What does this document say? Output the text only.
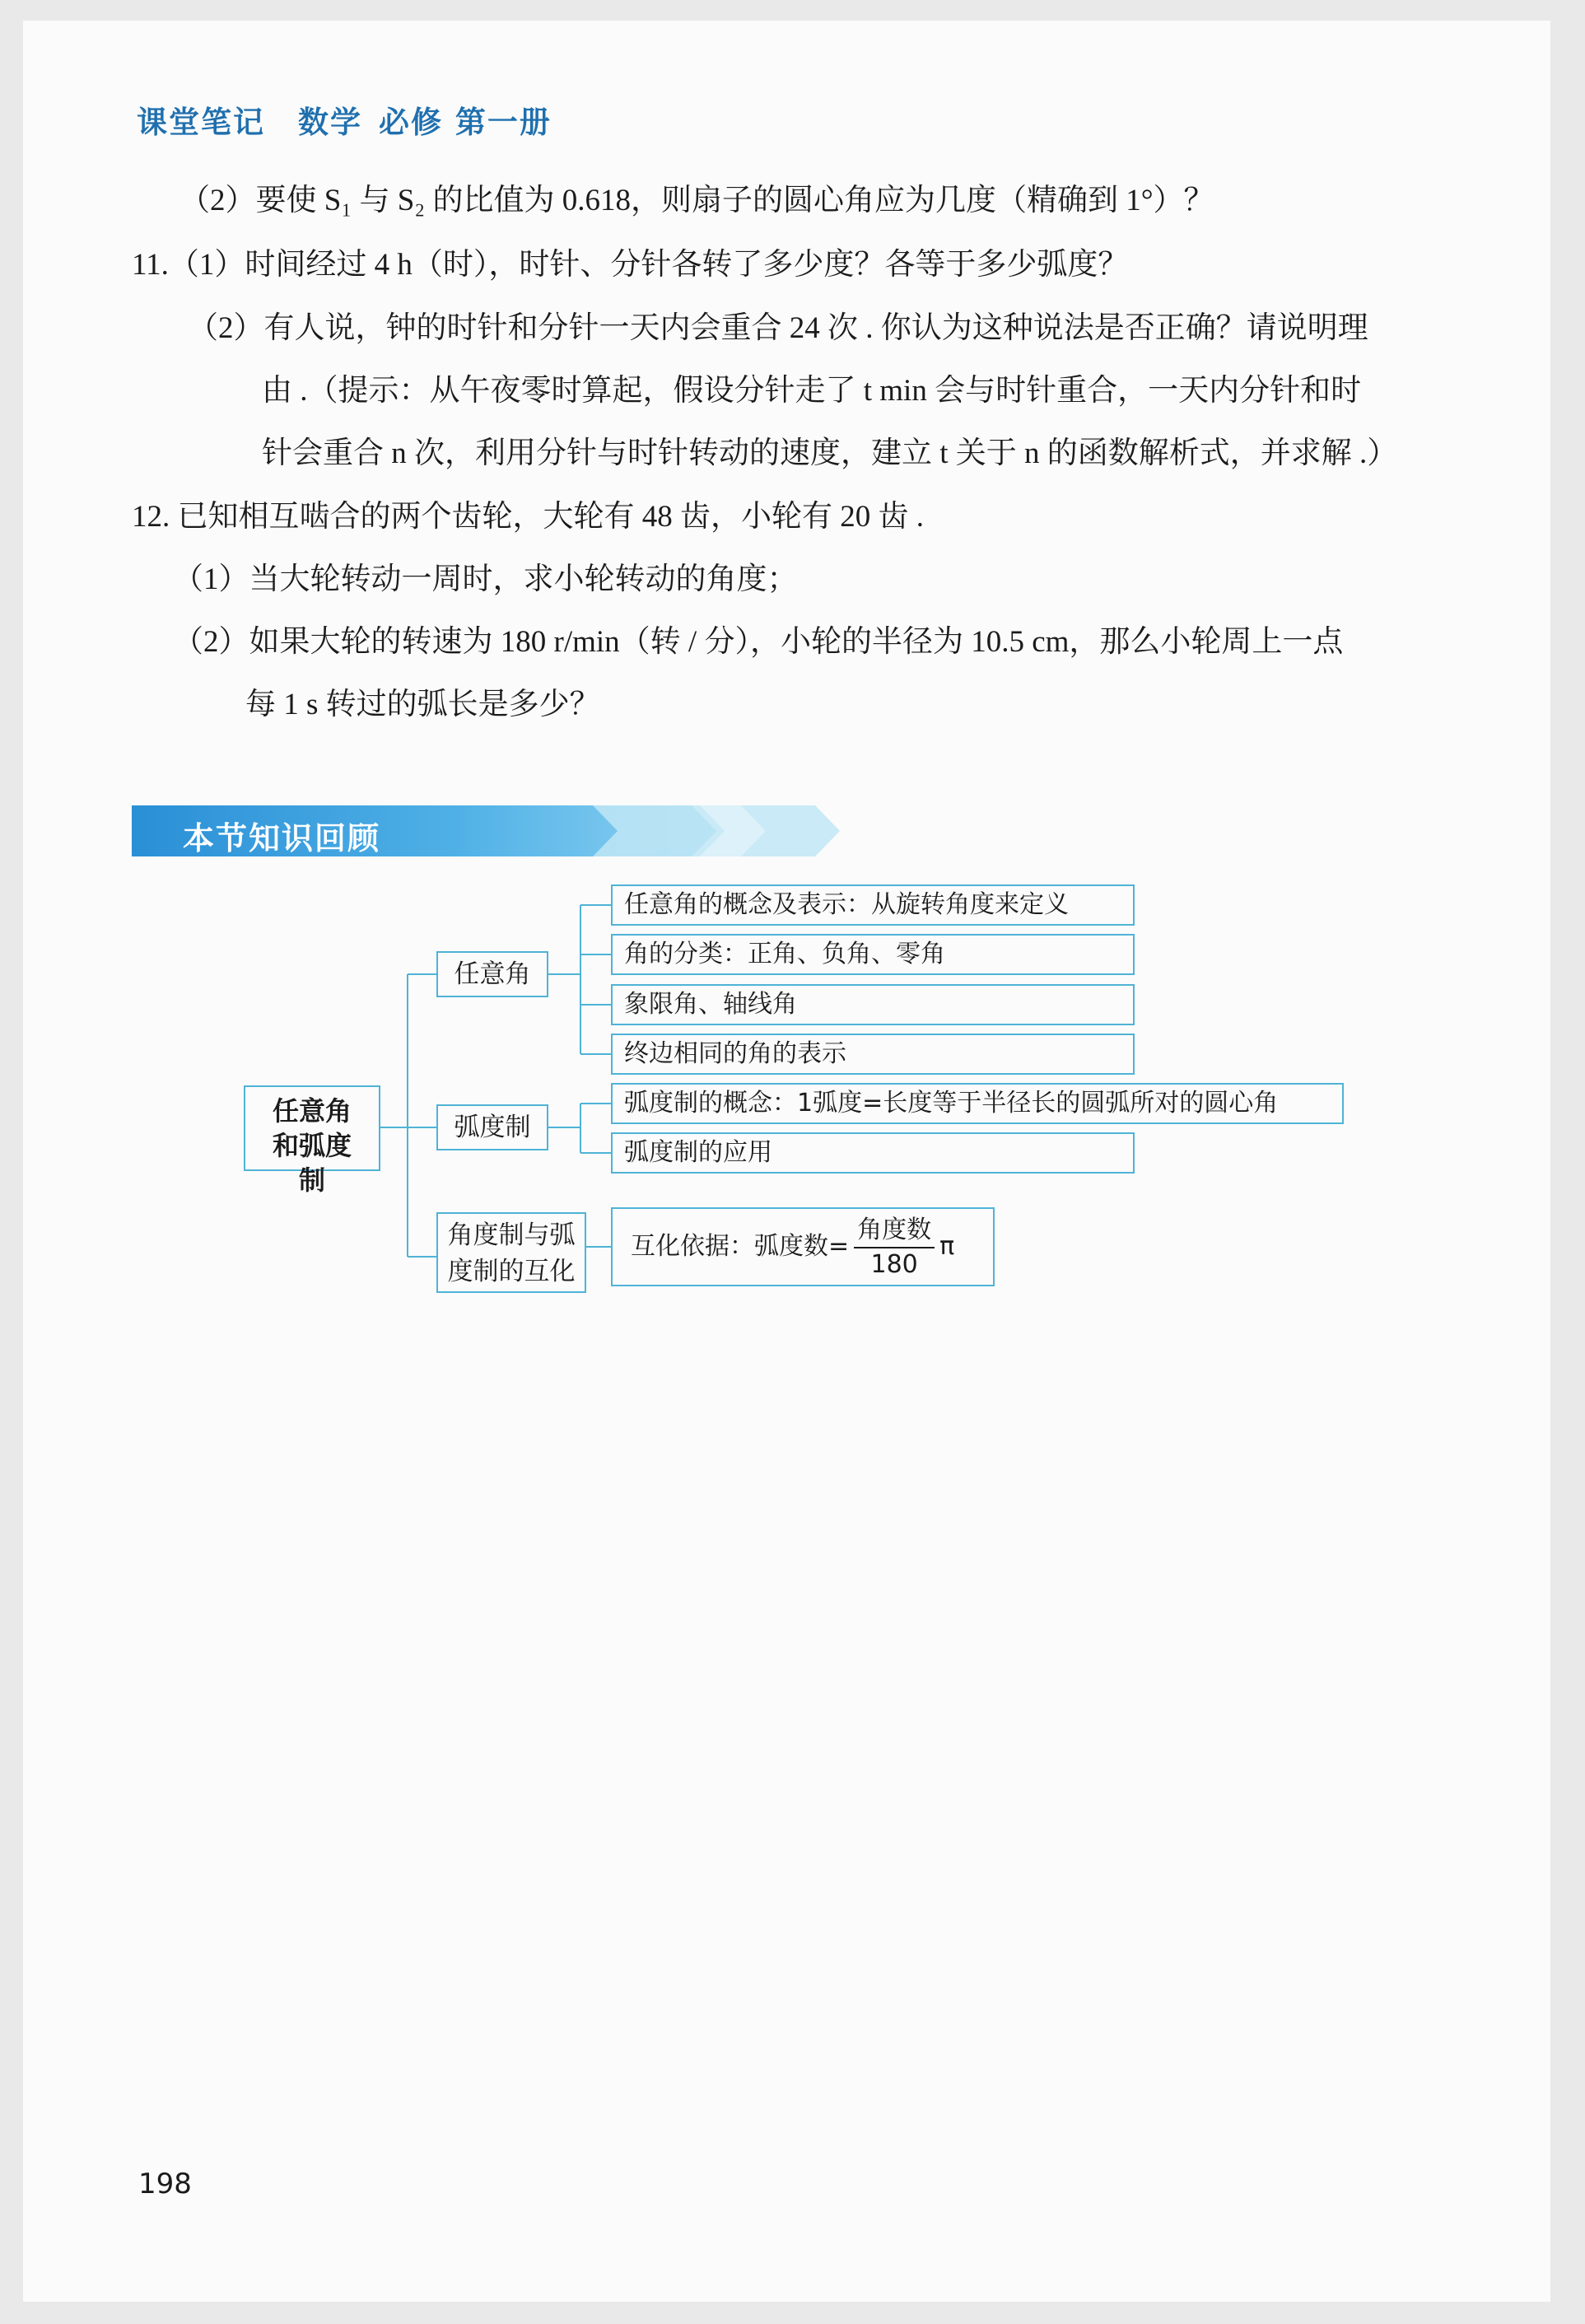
课堂笔记 数学 必修 第一册
（2）要使 S₁ 与 S₂ 的比值为 0.618，则扇子的圆心角应为几度（精确到 1°）？
11.（1）时间经过 4 h（时），时针、分针各转了多少度？各等于多少弧度？
（2）有人说，钟的时针和分针一天内会重合 24 次 . 你认为这种说法是否正确？请说明理
由 .（提示：从午夜零时算起，假设分针走了 t min 会与时针重合，一天内分针和时
针会重合 n 次，利用分针与时针转动的速度，建立 t 关于 n 的函数解析式，并求解 .）
12. 已知相互啮合的两个齿轮，大轮有 48 齿，小轮有 20 齿 .
（1）当大轮转动一周时，求小轮转动的角度；
（2）如果大轮的转速为 180 r/min（转 / 分），小轮的半径为 10.5 cm，那么小轮周上一点
每 1 s 转过的弧长是多少？
本节知识回顾
任意角和弧度制
任意角
弧度制
角度制与弧度制的互化
任意角的概念及表示：从旋转角度来定义
角的分类：正角、负角、零角
象限角、轴线角
终边相同的角的表示
弧度制的概念：1弧度=长度等于半径长的圆弧所对的圆心角
弧度制的应用
互化依据：弧度数= $\frac{\text{角度数}}{180}$ π
198
